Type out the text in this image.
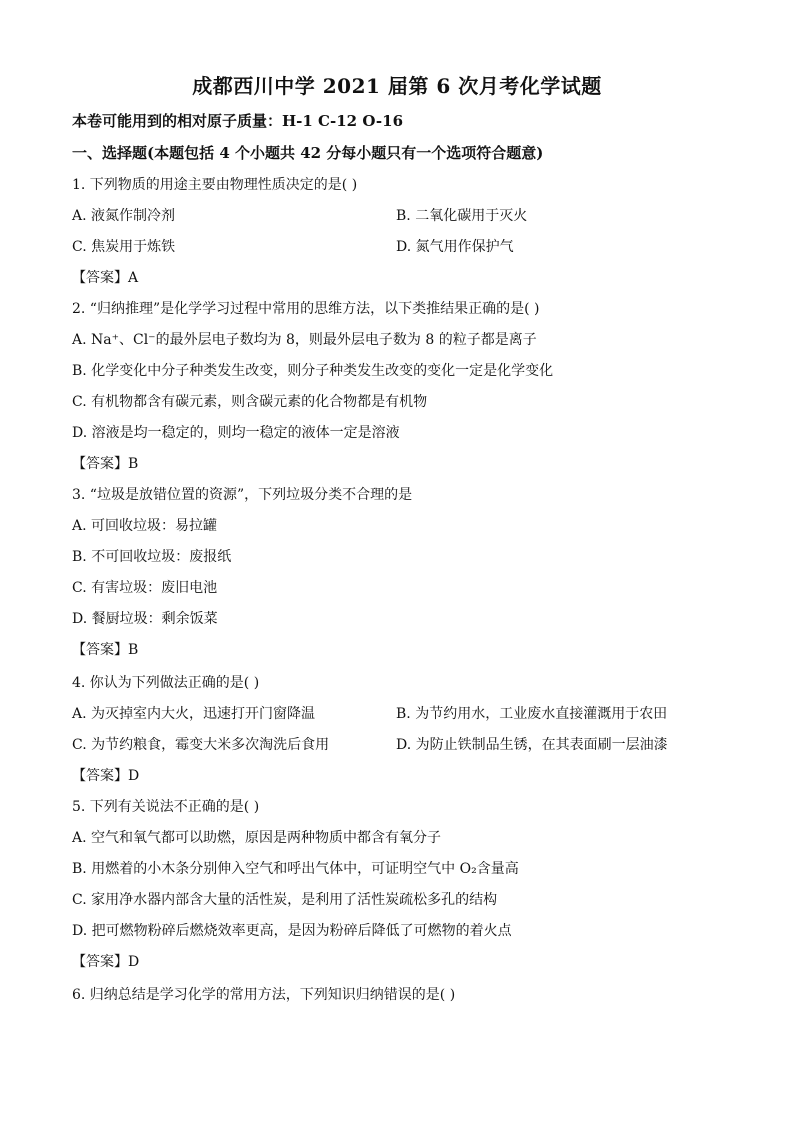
成都西川中学 2021 届第 6 次月考化学试题
本卷可能用到的相对原子质量：H-1 C-12 O-16
一、选择题(本题包括 4 个小题共 42 分每小题只有一个选项符合题意)
1. 下列物质的用途主要由物理性质决定的是( )
A. 液氮作制冷剂	B. 二氧化碳用于灭火
C. 焦炭用于炼铁	D. 氮气用作保护气
【答案】A
2. “归纳推理”是化学学习过程中常用的思维方法，以下类推结果正确的是( )
A. Na⁺、Cl⁻的最外层电子数均为 8，则最外层电子数为 8 的粒子都是离子
B. 化学变化中分子种类发生改变，则分子种类发生改变的变化一定是化学变化
C. 有机物都含有碳元素，则含碳元素的化合物都是有机物
D. 溶液是均一稳定的，则均一稳定的液体一定是溶液
【答案】B
3. “垃圾是放错位置的资源”，下列垃圾分类不合理的是
A. 可回收垃圾：易拉罐
B. 不可回收垃圾：废报纸
C. 有害垃圾：废旧电池
D. 餐厨垃圾：剩余饭菜
【答案】B
4. 你认为下列做法正确的是( )
A. 为灭掉室内大火，迅速打开门窗降温	B. 为节约用水，工业废水直接灌溉用于农田
C. 为节约粮食，霉变大米多次淘洗后食用	D. 为防止铁制品生锈，在其表面刷一层油漆
【答案】D
5. 下列有关说法不正确的是( )
A. 空气和氧气都可以助燃，原因是两种物质中都含有氧分子
B. 用燃着的小木条分别伸入空气和呼出气体中，可证明空气中 O₂含量高
C. 家用净水器内部含大量的活性炭，是利用了活性炭疏松多孔的结构
D. 把可燃物粉碎后燃烧效率更高，是因为粉碎后降低了可燃物的着火点
【答案】D
6. 归纳总结是学习化学的常用方法，下列知识归纳错误的是( )
